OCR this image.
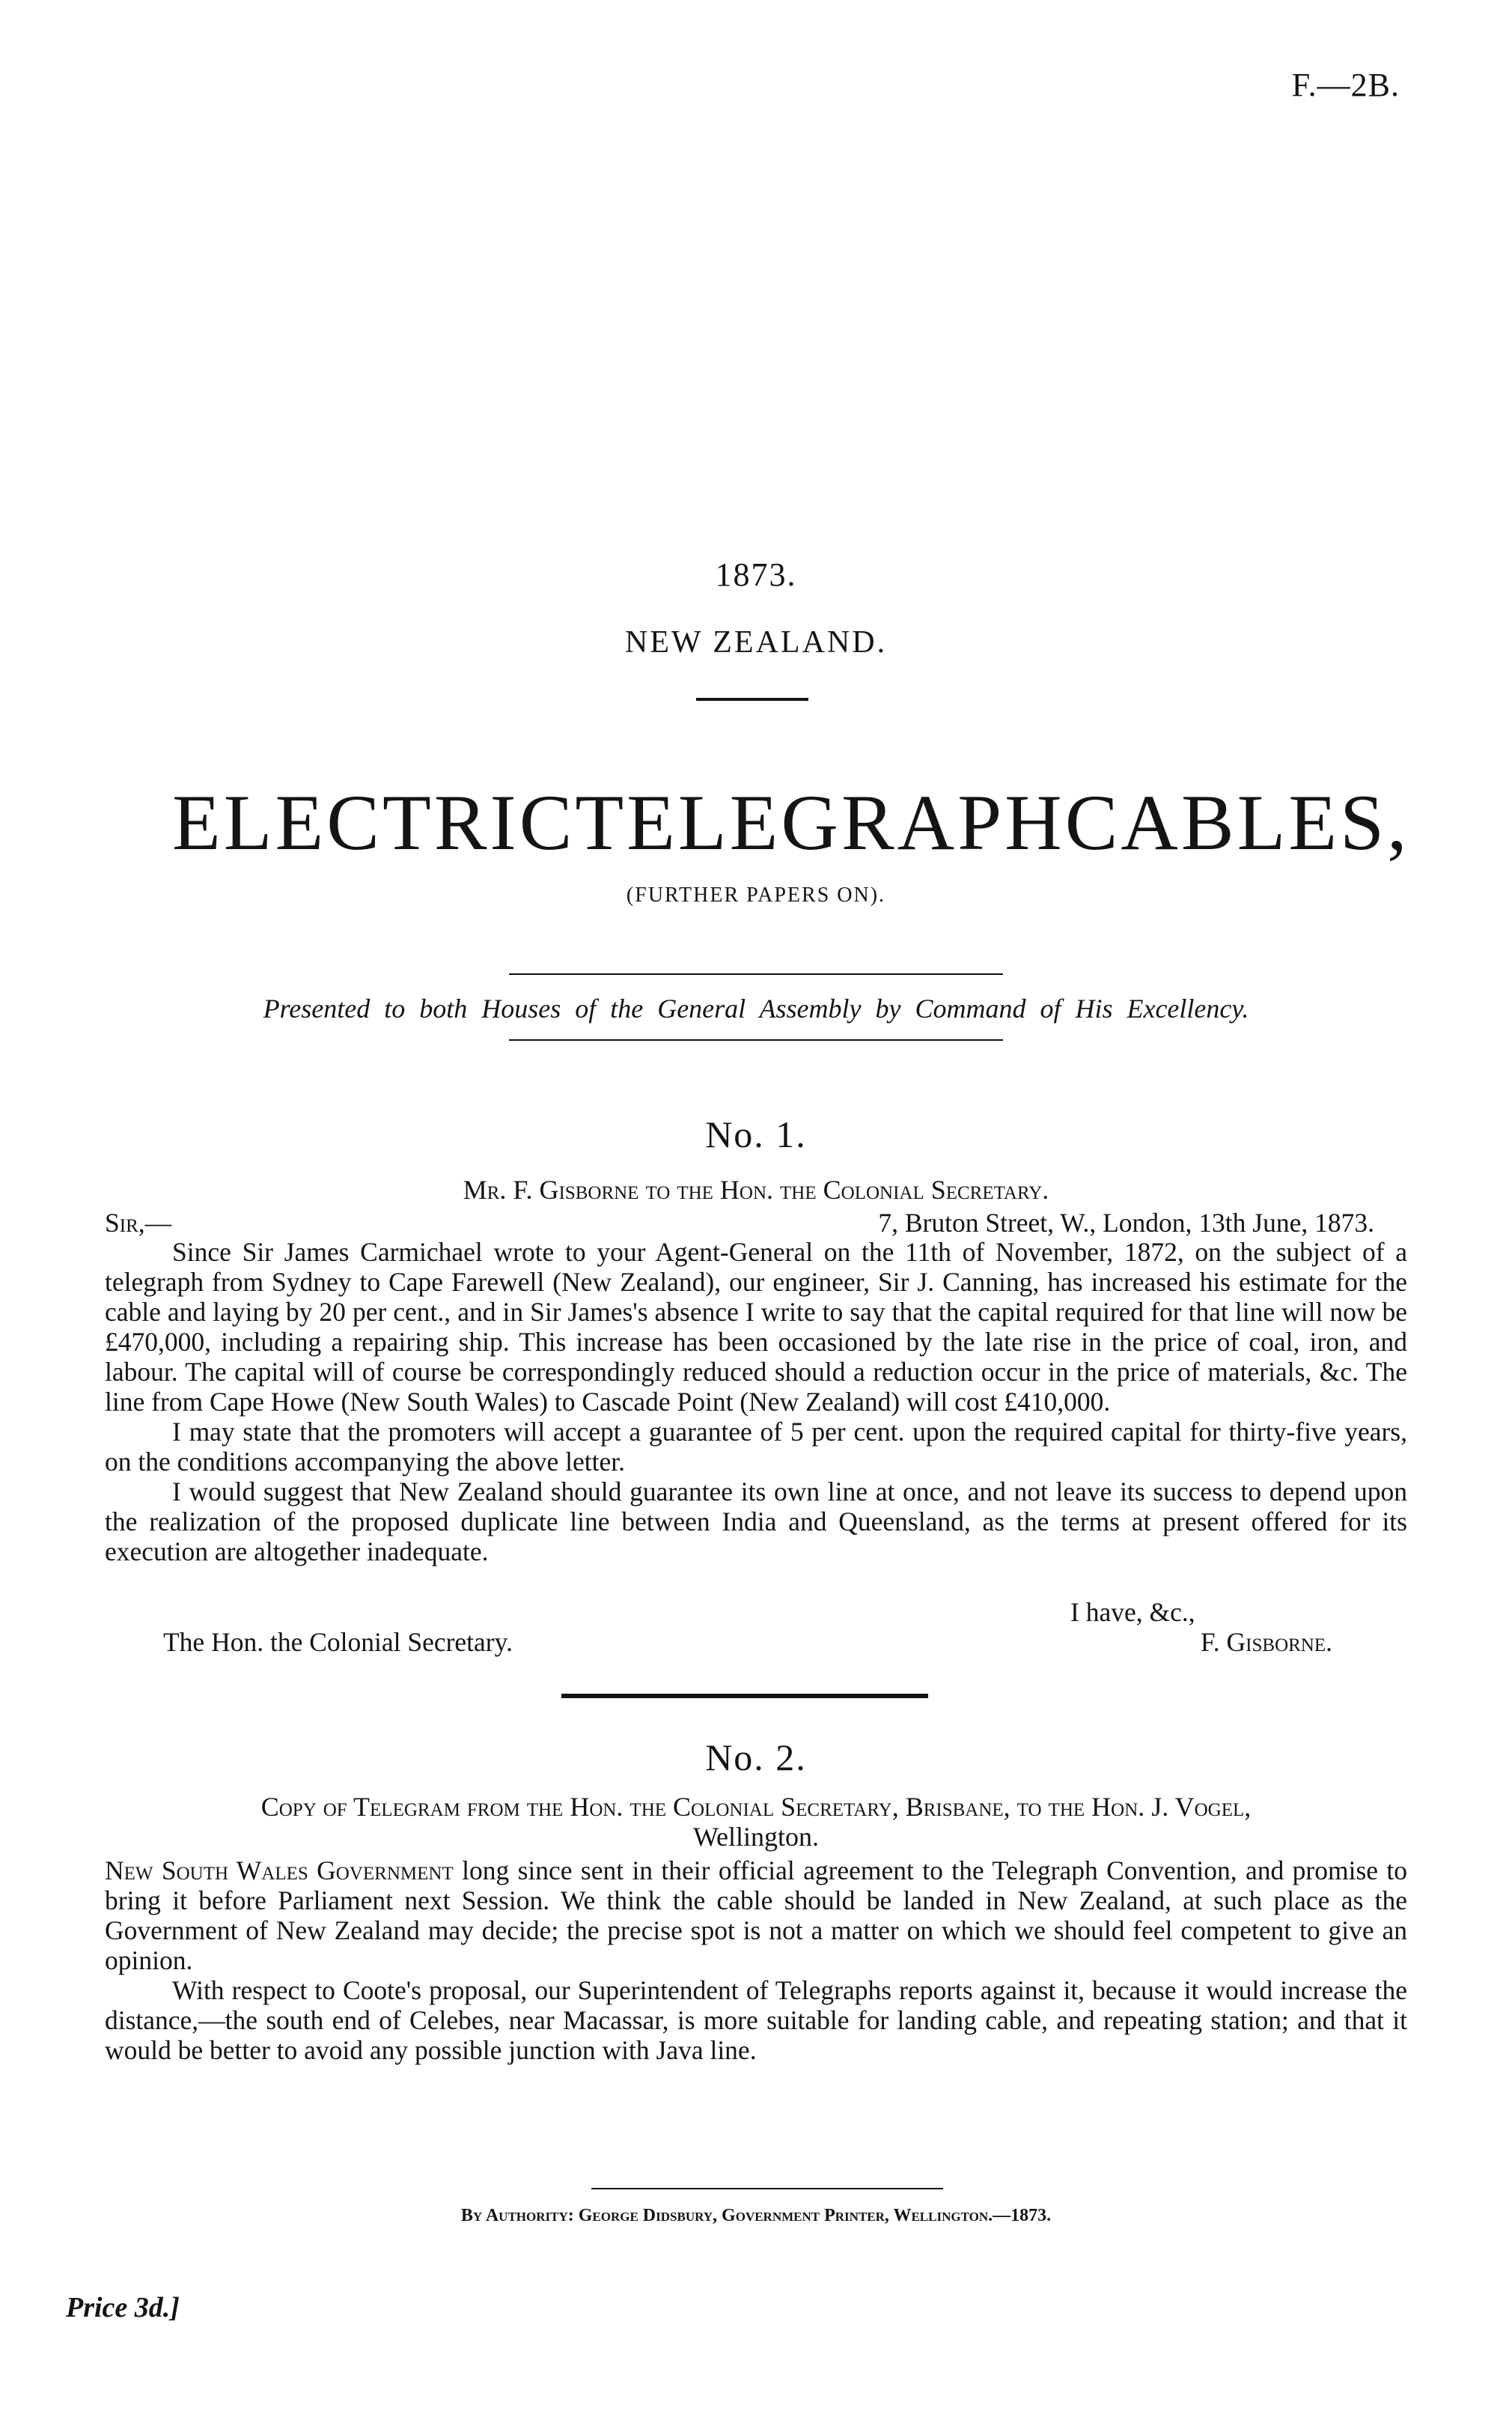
F.—2B.
1873.
NEW ZEALAND.
ELECTRIC TELEGRAPH CABLES,
(FURTHER PAPERS ON).
Presented to both Houses of the General Assembly by Command of His Excellency.
No. 1.
Mr. F. Gisborne to the Hon. the Colonial Secretary.
Sir,—	7, Bruton Street, W., London, 13th June, 1873.

Since Sir James Carmichael wrote to your Agent-General on the 11th of November, 1872, on the subject of a telegraph from Sydney to Cape Farewell (New Zealand), our engineer, Sir J. Canning, has increased his estimate for the cable and laying by 20 per cent., and in Sir James's absence I write to say that the capital required for that line will now be £470,000, including a repairing ship. This increase has been occasioned by the late rise in the price of coal, iron, and labour. The capital will of course be correspondingly reduced should a reduction occur in the price of materials, &c. The line from Cape Howe (New South Wales) to Cascade Point (New Zealand) will cost £410,000.

I may state that the promoters will accept a guarantee of 5 per cent. upon the required capital for thirty-five years, on the conditions accompanying the above letter.

I would suggest that New Zealand should guarantee its own line at once, and not leave its success to depend upon the realization of the proposed duplicate line between India and Queensland, as the terms at present offered for its execution are altogether inadequate.

I have, &c.,
The Hon. the Colonial Secretary.	F. Gisborne.
No. 2.
Copy of Telegram from the Hon. the Colonial Secretary, Brisbane, to the Hon. J. Vogel,
Wellington.

New South Wales Government long since sent in their official agreement to the Telegraph Convention, and promise to bring it before Parliament next Session. We think the cable should be landed in New Zealand, at such place as the Government of New Zealand may decide; the precise spot is not a matter on which we should feel competent to give an opinion.

With respect to Coote's proposal, our Superintendent of Telegraphs reports against it, because it would increase the distance,—the south end of Celebes, near Macassar, is more suitable for landing cable, and repeating station; and that it would be better to avoid any possible junction with Java line.

By Authority: George Didsbury, Government Printer, Wellington.—1873.
Price 3d.]
